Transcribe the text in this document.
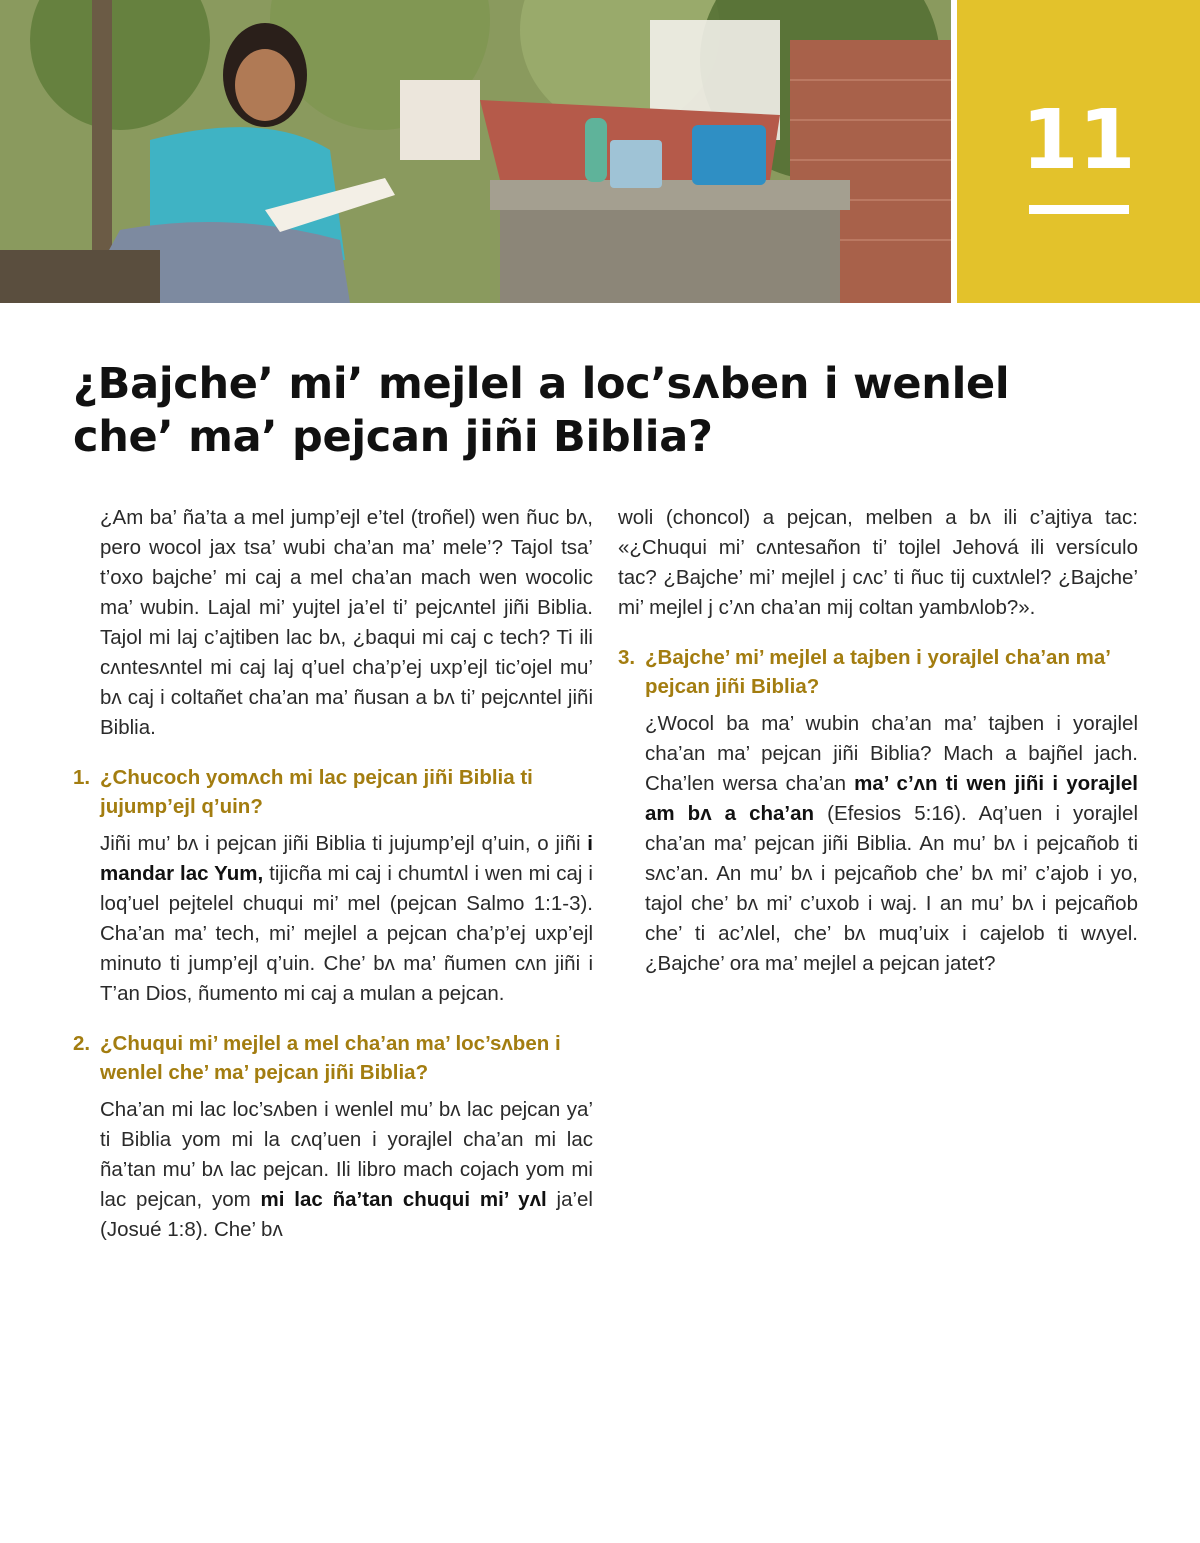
11
¿Bajche’ mi’ mejlel a loc’sʌben i wenlel
che’ ma’ pejcan jiñi Biblia?

¿Am ba’ ña’ta a mel jump’ejl e’tel (troñel) wen ñuc bʌ, pero wocol jax tsa’ wubi cha’an ma’ mele’? Tajol tsa’ t’oxo bajche’ mi caj a mel cha’an mach wen wocolic ma’ wubin. Lajal mi’ yujtel ja’el ti’ pejcʌntel jiñi Biblia. Tajol mi laj c’ajtiben lac bʌ, ¿baqui mi caj c tech? Ti ili cʌntesʌntel mi caj laj q’uel cha’p’ej uxp’ejl tic’ojel mu’ bʌ caj i coltañet cha’an ma’ ñusan a bʌ ti’ pejcʌntel jiñi Biblia.

1. ¿Chucoch yomʌch mi lac pejcan jiñi Biblia ti jujump’ejl q’uin?

Jiñi mu’ bʌ i pejcan jiñi Biblia ti jujump’ejl q’uin, o jiñi i mandar lac Yum, tijicña mi caj i chumtʌl i wen mi caj i loq’uel pejtelel chuqui mi’ mel (pejcan Salmo 1:1-3). Cha’an ma’ tech, mi’ mejlel a pejcan cha’p’ej uxp’ejl minuto ti jump’ejl q’uin. Che’ bʌ ma’ ñumen cʌn jiñi i T’an Dios, ñumento mi caj a mulan a pejcan.

2. ¿Chuqui mi’ mejlel a mel cha’an ma’ loc’sʌben i wenlel che’ ma’ pejcan jiñi Biblia?

Cha’an mi lac loc’sʌben i wenlel mu’ bʌ lac pejcan ya’ ti Biblia yom mi la cʌq’uen i yorajlel cha’an mi lac ña’tan mu’ bʌ lac pejcan. Ili libro mach cojach yom mi lac pejcan, yom mi lac ña’tan chuqui mi’ yʌl ja’el (Josué 1:8). Che’ bʌ

woli (choncol) a pejcan, melben a bʌ ili c’ajtiya tac: «¿Chuqui mi’ cʌntesañon ti’ tojlel Jehová ili versículo tac? ¿Bajche’ mi’ mejlel j cʌc’ ti ñuc tij cuxtʌlel? ¿Bajche’ mi’ mejlel j c’ʌn cha’an mij coltan yambʌlob?».

3. ¿Bajche’ mi’ mejlel a tajben i yorajlel cha’an ma’ pejcan jiñi Biblia?

¿Wocol ba ma’ wubin cha’an ma’ tajben i yorajlel cha’an ma’ pejcan jiñi Biblia? Mach a bajñel jach. Cha’len wersa cha’an ma’ c’ʌn ti wen jiñi i yorajlel am bʌ a cha’an (Efesios 5:16). Aq’uen i yorajlel cha’an ma’ pejcan jiñi Biblia. An mu’ bʌ i pejcañob ti sʌc’an. An mu’ bʌ i pejcañob che’ bʌ mi’ c’ajob i yo, tajol che’ bʌ mi’ c’uxob i waj. I an mu’ bʌ i pejcañob che’ ti ac’ʌlel, che’ bʌ muq’uix i cajelob ti wʌyel. ¿Bajche’ ora ma’ mejlel a pejcan jatet?
